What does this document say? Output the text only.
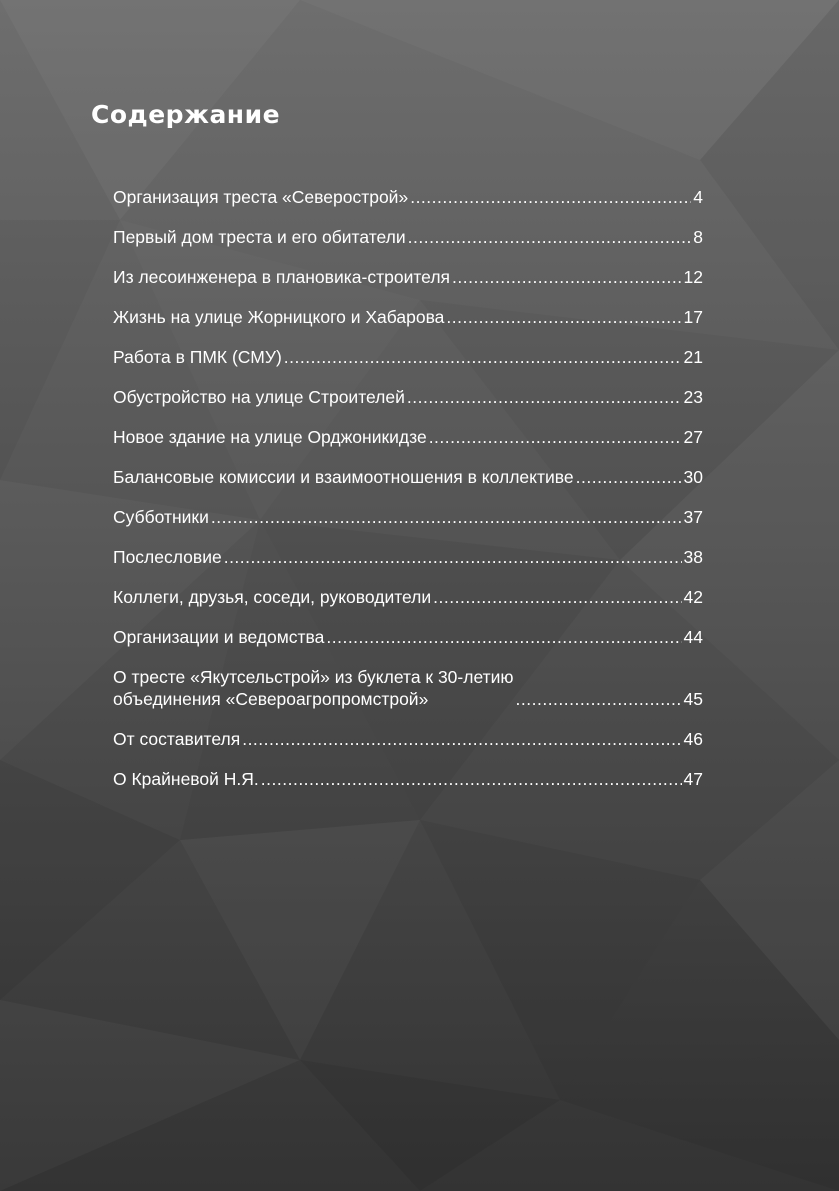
Содержание
Организация треста «Северострой» .....	4
Первый дом треста и его обитатели .....	8
Из лесоинженера в плановика-строителя .....	12
Жизнь на улице Жорницкого и Хабарова .....	17
Работа в ПМК (СМУ) .....	21
Обустройство на улице Строителей .....	23
Новое здание на улице Орджоникидзе .....	27
Балансовые комиссии и взаимоотношения в коллективе .....	30
Субботники .....	37
Послесловие .....	38
Коллеги, друзья, соседи, руководители .....	42
Организации и ведомства .....	44
О тресте «Якутсельстрой» из буклета к 30-летию
объединения «Североагропромстрой» .....	45
От составителя .....	46
О Крайневой Н.Я. .....	47
